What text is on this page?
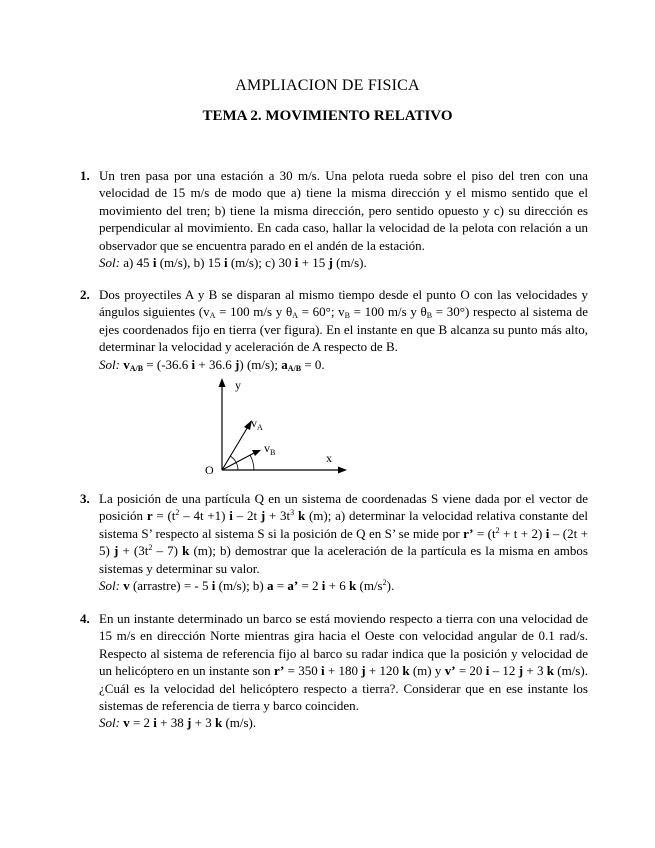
AMPLIACION DE FISICA
TEMA 2. MOVIMIENTO RELATIVO
1. Un tren pasa por una estación a 30 m/s. Una pelota rueda sobre el piso del tren con una
velocidad de 15 m/s de modo que a) tiene la misma dirección y el mismo sentido que el
movimiento del tren; b) tiene la misma dirección, pero sentido opuesto y c) su dirección es
perpendicular al movimiento. En cada caso, hallar la velocidad de la pelota con relación a un
observador que se encuentra parado en el andén de la estación.
Sol: a) 45 i (m/s), b) 15 i (m/s); c) 30 i + 15 j (m/s).
2. Dos proyectiles A y B se disparan al mismo tiempo desde el punto O con las velocidades y
ángulos siguientes ($v_A = 100$ m/s y $\theta_A = 60^\circ$; $v_B = 100$ m/s y $\theta_B = 30^\circ$) respecto al sistema de
ejes coordenados fijo en tierra (ver figura). En el instante en que B alcanza su punto más alto,
determinar la velocidad y aceleración de A respecto de B.
Sol: $v_{A/B} = (-36.6$ i + 36.6 j) (m/s); $a_{A/B} = 0$.
y
x
O
$v_A$
$v_B$
3. La posición de una partícula Q en un sistema de coordenadas S viene dada por el vector de
posición $r = (t^2 - 4t +1)$ i – 2t $j + 3t^3$ k (m); a) determinar la velocidad relativa constante del
sistema S’ respecto al sistema S si la posición de Q en S’ se mide por r’ = $(t^2 + t + 2)$ i – (2t +
5) $j + (3t^2 - 7)$ k (m); b) demostrar que la aceleración de la partícula es la misma en ambos
sistemas y determinar su valor.
Sol: v (arrastre) = - 5 i (m/s); b) a = a’ = 2 i + 6 k $(m/s^2)$.
4. En un instante determinado un barco se está moviendo respecto a tierra con una velocidad de
15 m/s en dirección Norte mientras gira hacia el Oeste con velocidad angular de 0.1 rad/s.
Respecto al sistema de referencia fijo al barco su radar indica que la posición y velocidad de
un helicóptero en un instante son r’ = 350 i + 180 j + 120 k (m) y v’ = 20 i – 12 j + 3 k (m/s).
¿Cuál es la velocidad del helicóptero respecto a tierra?. Considerar que en ese instante los
sistemas de referencia de tierra y barco coinciden.
Sol: v = 2 i + 38 j + 3 k (m/s).
